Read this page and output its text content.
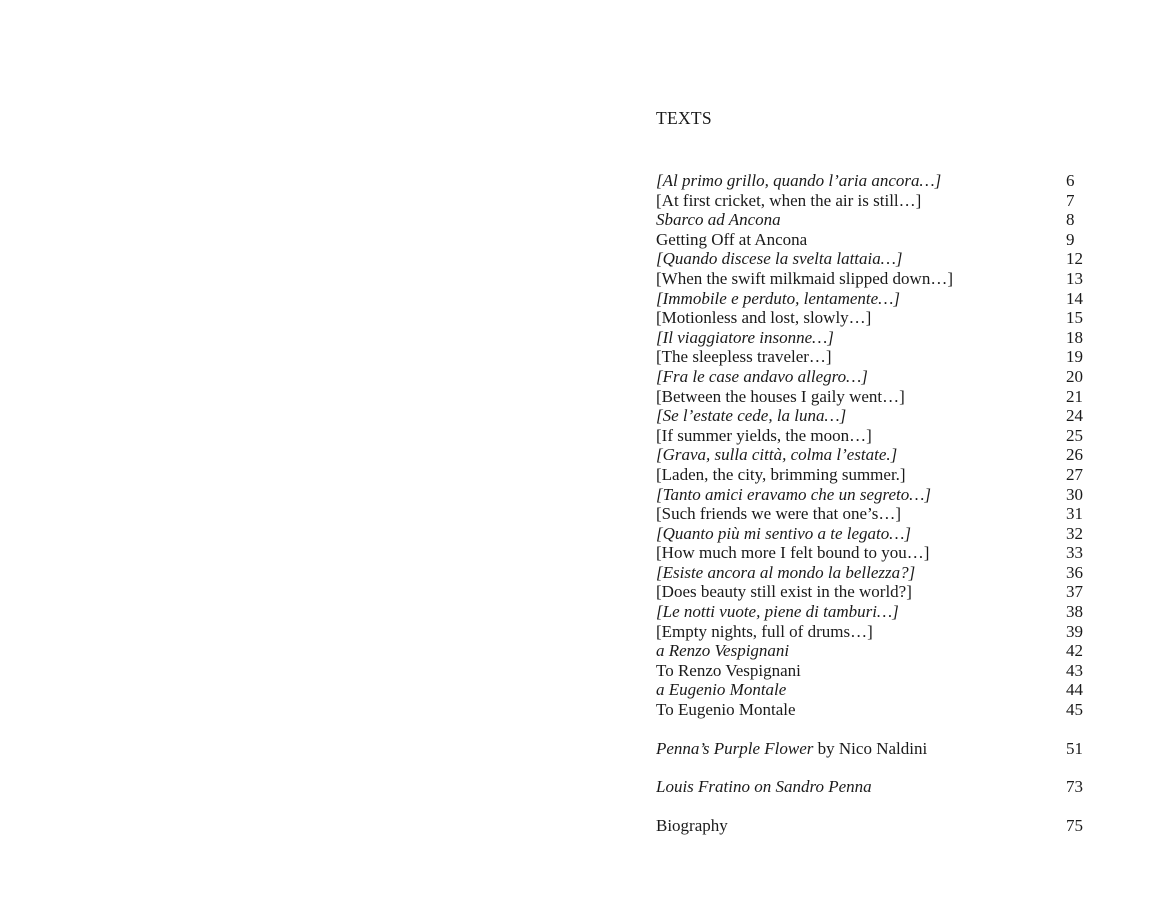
TEXTS
[Al primo grillo, quando l’aria ancora…]	6
[At first cricket, when the air is still…]	7
Sbarco ad Ancona	8
Getting Off at Ancona	9
[Quando discese la svelta lattaia…]	12
[When the swift milkmaid slipped down…]	13
[Immobile e perduto, lentamente…]	14
[Motionless and lost, slowly…]	15
[Il viaggiatore insonne…]	18
[The sleepless traveler…]	19
[Fra le case andavo allegro…]	20
[Between the houses I gaily went…]	21
[Se l’estate cede, la luna…]	24
[If summer yields, the moon…]	25
[Grava, sulla città, colma l’estate.]	26
[Laden, the city, brimming summer.]	27
[Tanto amici eravamo che un segreto…]	30
[Such friends we were that one’s…]	31
[Quanto più mi sentivo a te legato…]	32
[How much more I felt bound to you…]	33
[Esiste ancora al mondo la bellezza?]	36
[Does beauty still exist in the world?]	37
[Le notti vuote, piene di tamburi…]	38
[Empty nights, full of drums…]	39
a Renzo Vespignani	42
To Renzo Vespignani	43
a Eugenio Montale	44
To Eugenio Montale	45
Penna’s Purple Flower by Nico Naldini	51
Louis Fratino on Sandro Penna	73
Biography	75
